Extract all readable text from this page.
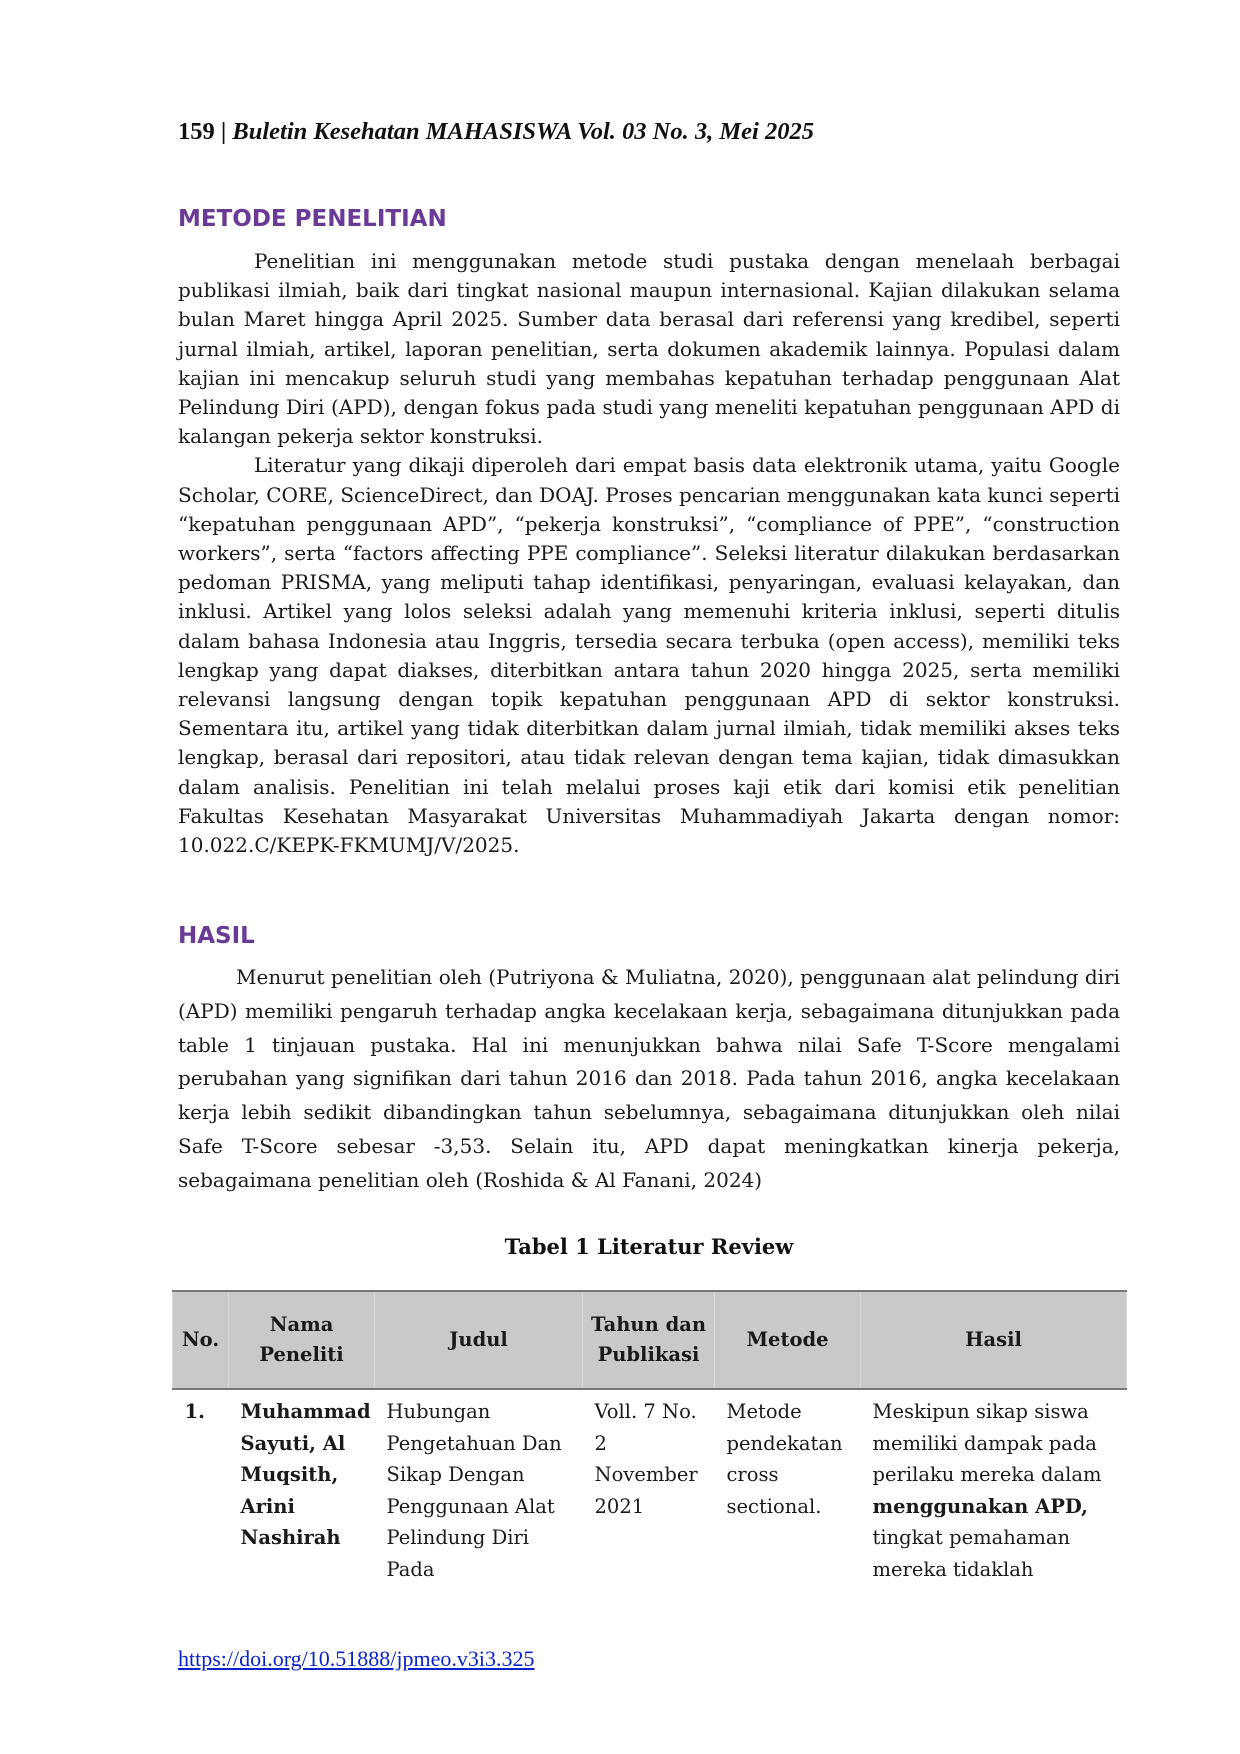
159 | Buletin Kesehatan MAHASISWA Vol. 03 No. 3, Mei 2025
METODE PENELITIAN

Penelitian ini menggunakan metode studi pustaka dengan menelaah berbagai publikasi ilmiah, baik dari tingkat nasional maupun internasional. Kajian dilakukan selama bulan Maret hingga April 2025. Sumber data berasal dari referensi yang kredibel, seperti jurnal ilmiah, artikel, laporan penelitian, serta dokumen akademik lainnya. Populasi dalam kajian ini mencakup seluruh studi yang membahas kepatuhan terhadap penggunaan Alat Pelindung Diri (APD), dengan fokus pada studi yang meneliti kepatuhan penggunaan APD di kalangan pekerja sektor konstruksi.

Literatur yang dikaji diperoleh dari empat basis data elektronik utama, yaitu Google Scholar, CORE, ScienceDirect, dan DOAJ. Proses pencarian menggunakan kata kunci seperti “kepatuhan penggunaan APD”, “pekerja konstruksi”, “compliance of PPE”, “construction workers”, serta “factors affecting PPE compliance”. Seleksi literatur dilakukan berdasarkan pedoman PRISMA, yang meliputi tahap identifikasi, penyaringan, evaluasi kelayakan, dan inklusi. Artikel yang lolos seleksi adalah yang memenuhi kriteria inklusi, seperti ditulis dalam bahasa Indonesia atau Inggris, tersedia secara terbuka (open access), memiliki teks lengkap yang dapat diakses, diterbitkan antara tahun 2020 hingga 2025, serta memiliki relevansi langsung dengan topik kepatuhan penggunaan APD di sektor konstruksi. Sementara itu, artikel yang tidak diterbitkan dalam jurnal ilmiah, tidak memiliki akses teks lengkap, berasal dari repositori, atau tidak relevan dengan tema kajian, tidak dimasukkan dalam analisis. Penelitian ini telah melalui proses kaji etik dari komisi etik penelitian Fakultas Kesehatan Masyarakat Universitas Muhammadiyah Jakarta dengan nomor: 10.022.C/KEPK-FKMUMJ/V/2025.

HASIL

Menurut penelitian oleh (Putriyona & Muliatna, 2020), penggunaan alat pelindung diri (APD) memiliki pengaruh terhadap angka kecelakaan kerja, sebagaimana ditunjukkan pada table 1 tinjauan pustaka. Hal ini menunjukkan bahwa nilai Safe T-Score mengalami perubahan yang signifikan dari tahun 2016 dan 2018. Pada tahun 2016, angka kecelakaan kerja lebih sedikit dibandingkan tahun sebelumnya, sebagaimana ditunjukkan oleh nilai Safe T-Score sebesar -3,53. Selain itu, APD dapat meningkatkan kinerja pekerja, sebagaimana penelitian oleh (Roshida & Al Fanani, 2024)

Tabel 1 Literatur Review
No.	Nama Peneliti	Judul	Tahun dan Publikasi	Metode	Hasil
1.	Muhammad Sayuti, Al Muqsith, Arini Nashirah	Hubungan Pengetahuan Dan Sikap Dengan Penggunaan Alat Pelindung Diri Pada	Voll. 7 No. 2 November 2021	Metode pendekatan cross sectional.	Meskipun sikap siswa memiliki dampak pada perilaku mereka dalam menggunakan APD, tingkat pemahaman mereka tidaklah
https://doi.org/10.51888/jpmeo.v3i3.325
